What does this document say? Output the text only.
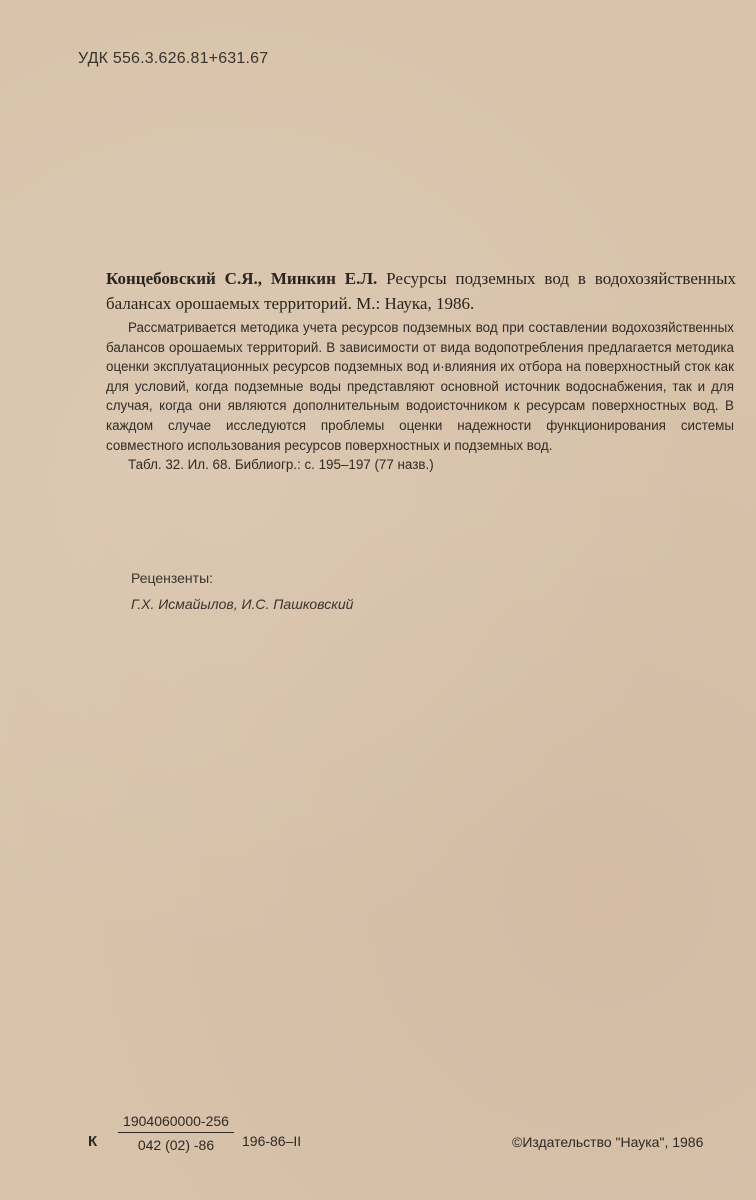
УДК 556.3.626.81+631.67
Концебовский С.Я., Минкин Е.Л. Ресурсы подземных вод в водохозяйственных балансах орошаемых территорий. М.: Наука, 1986.
Рассматривается методика учета ресурсов подземных вод при составлении водохозяйственных балансов орошаемых территорий. В зависимости от вида водопотребления предлагается методика оценки эксплуатационных ресурсов подземных вод и·влияния их отбора на поверхностный сток как для условий, когда подземные воды представляют основной источник водоснабжения, так и для случая, когда они являются дополнительным водоисточником к ресурсам поверхностных вод. В каждом случае исследуются проблемы оценки надежности функционирования системы совместного использования ресурсов поверхностных и подземных вод.
Табл. 32. Ил. 68. Библиогр.: с. 195–197 (77 назв.)
Рецензенты:
Г.Х. Исмайылов, И.С. Пашковский
К $\frac{1904060000-256}{042 (02) -86} 196-86-II$	©Издательство "Наука", 1986
